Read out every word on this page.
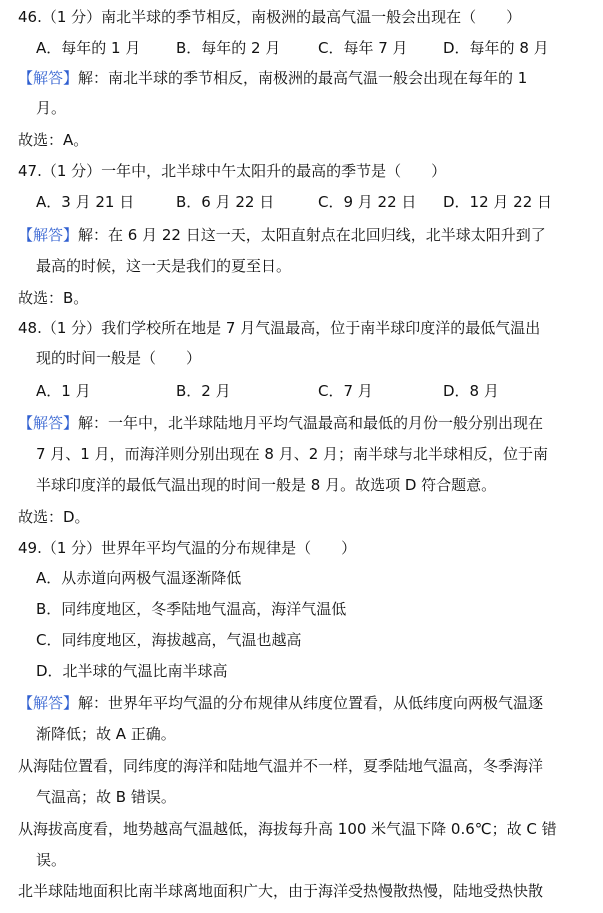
46.（1 分）南北半球的季节相反，南极洲的最高气温一般会出现在（　　）
A．每年的 1 月 B．每年的 2 月	C．每年 7 月 D．每年的 8 月
【解答】解：南北半球的季节相反，南极洲的最高气温一般会出现在每年的 1
月。
故选：A。
47.（1 分）一年中，北半球中午太阳升的最高的季节是（　　）
A．3 月 21 日	B．6 月 22 日	C．9 月 22 日 D．12 月 22 日
【解答】解：在 6 月 22 日这一天，太阳直射点在北回归线，北半球太阳升到了
最高的时候，这一天是我们的夏至日。
故选：B。
48.（1 分）我们学校所在地是 7 月气温最高，位于南半球印度洋的最低气温出
现的时间一般是（　　）
A．1 月	B．2 月	C．7 月	D．8 月
【解答】解：一年中，北半球陆地月平均气温最高和最低的月份一般分别出现在
7 月、1 月，而海洋则分别出现在 8 月、2 月；南半球与北半球相反，位于南
半球印度洋的最低气温出现的时间一般是 8 月。故选项 D 符合题意。
故选：D。
49.（1 分）世界年平均气温的分布规律是（　　）
A．从赤道向两极气温逐渐降低
B．同纬度地区，冬季陆地气温高，海洋气温低
C．同纬度地区，海拔越高，气温也越高
D．北半球的气温比南半球高
【解答】解：世界年平均气温的分布规律从纬度位置看，从低纬度向两极气温逐
渐降低；故 A 正确。
从海陆位置看，同纬度的海洋和陆地气温并不一样，夏季陆地气温高，冬季海洋
气温高；故 B 错误。
从海拔高度看，地势越高气温越低，海拔每升高 100 米气温下降 0.6℃；故 C 错
误。
北半球陆地面积比南半球离地面积广大，由于海洋受热慢散热慢，陆地受热快散
